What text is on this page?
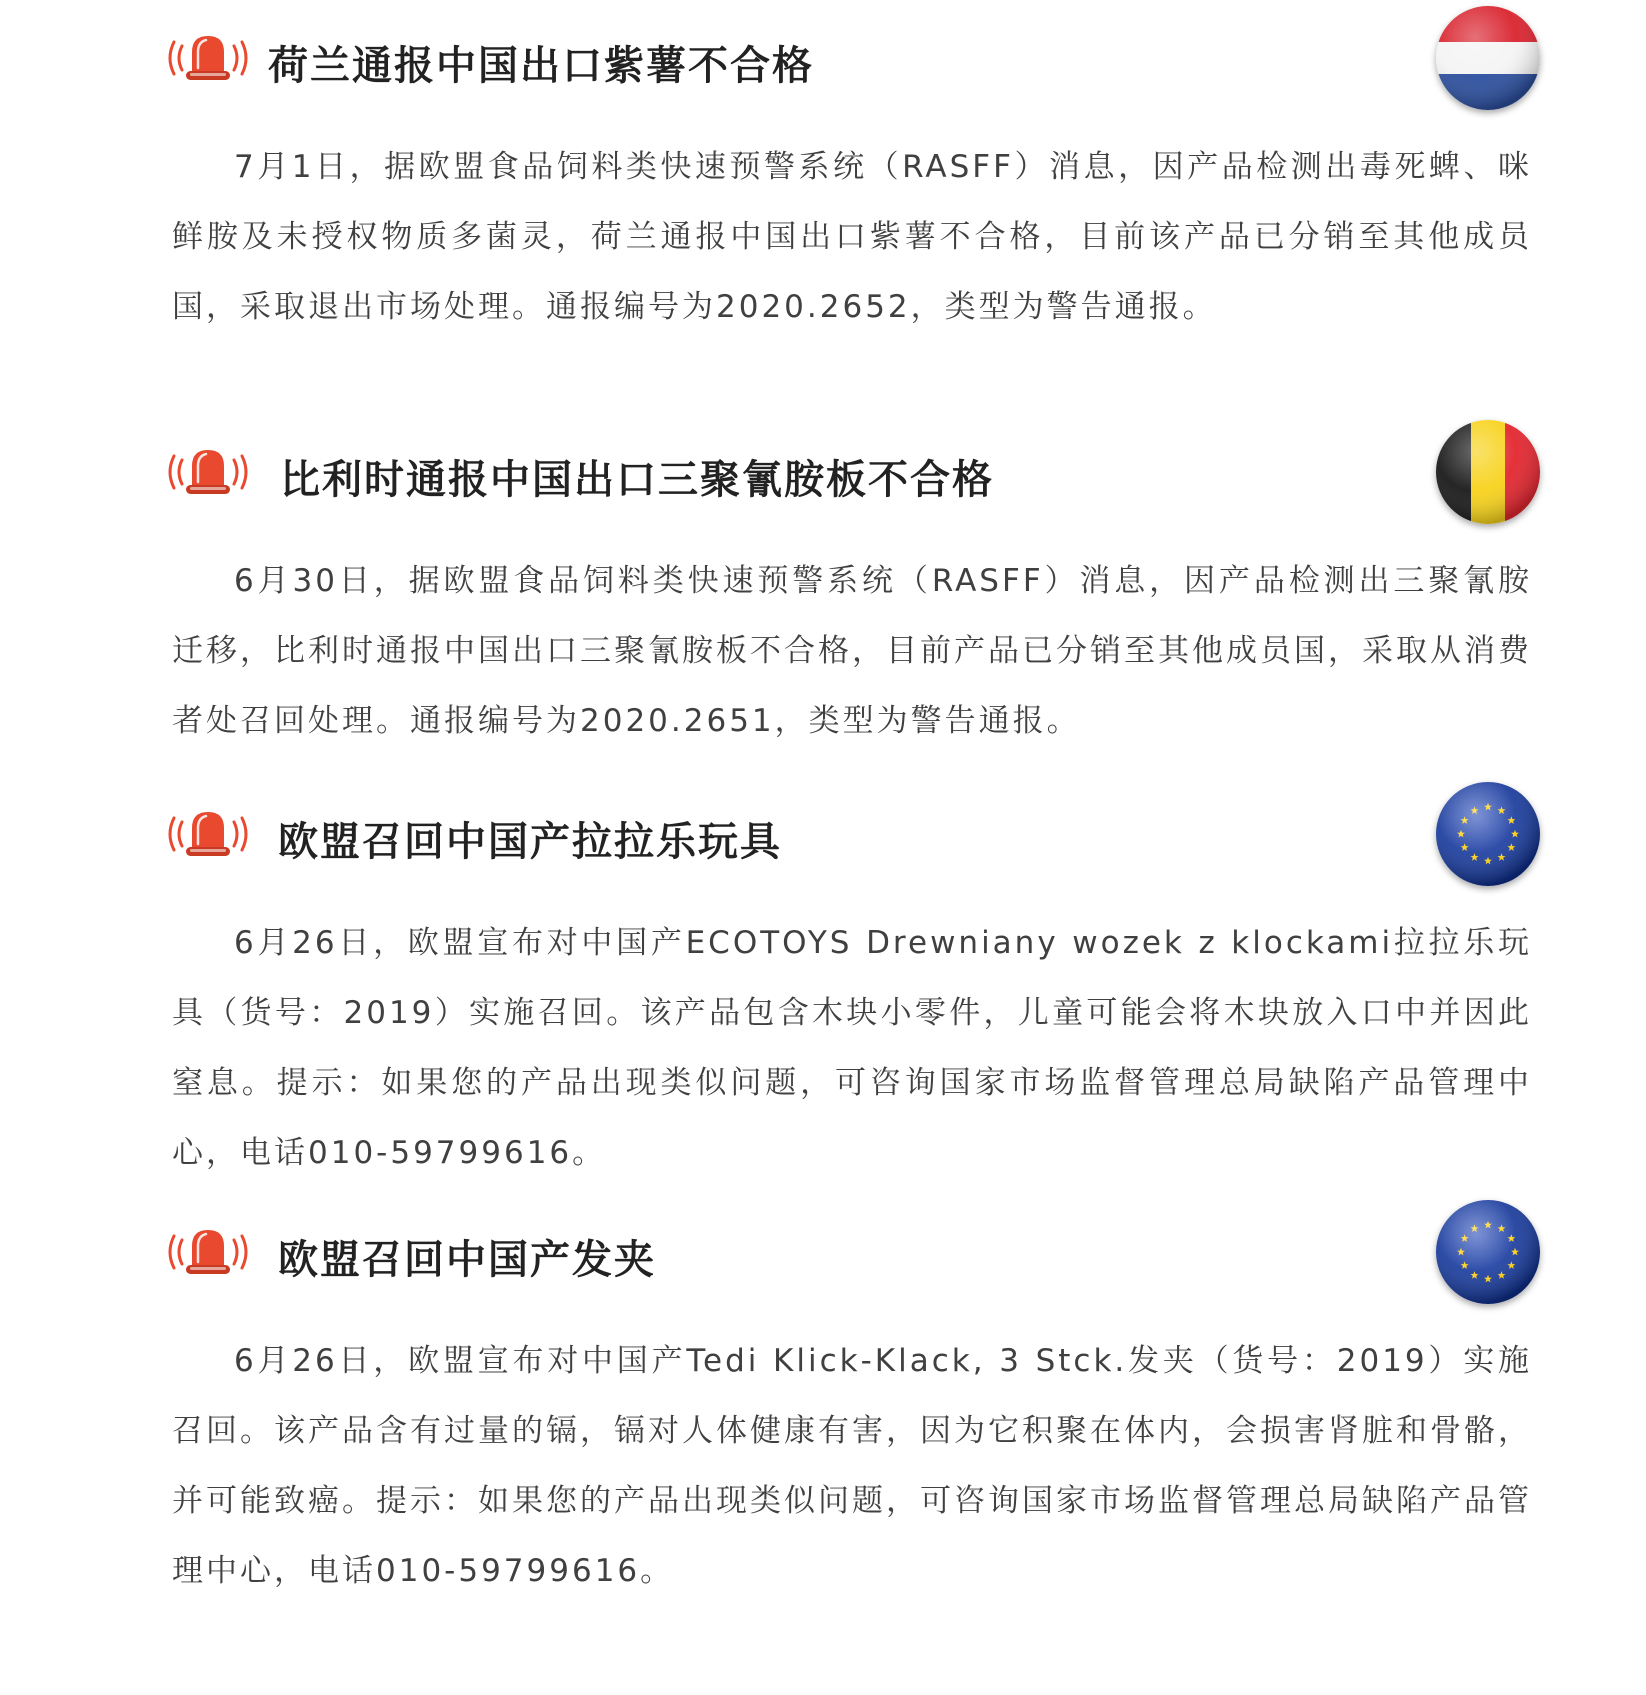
荷兰通报中国出口紫薯不合格

7月1日，据欧盟食品饲料类快速预警系统（RASFF）消息，因产品检测出毒死蜱、咪鲜胺及未授权物质多菌灵，荷兰通报中国出口紫薯不合格，目前该产品已分销至其他成员国，采取退出市场处理。通报编号为2020.2652，类型为警告通报。

比利时通报中国出口三聚氰胺板不合格

6月30日，据欧盟食品饲料类快速预警系统（RASFF）消息，因产品检测出三聚氰胺迁移，比利时通报中国出口三聚氰胺板不合格，目前产品已分销至其他成员国，采取从消费者处召回处理。通报编号为2020.2651，类型为警告通报。

欧盟召回中国产拉拉乐玩具

6月26日，欧盟宣布对中国产ECOTOYS Drewniany wozek z klockami拉拉乐玩具（货号：2019）实施召回。该产品包含木块小零件，儿童可能会将木块放入口中并因此窒息。提示：如果您的产品出现类似问题，可咨询国家市场监督管理总局缺陷产品管理中心，电话010-59799616。

欧盟召回中国产发夹

6月26日，欧盟宣布对中国产Tedi Klick-Klack, 3 Stck.发夹（货号：2019）实施召回。该产品含有过量的镉，镉对人体健康有害，因为它积聚在体内，会损害肾脏和骨骼，并可能致癌。提示：如果您的产品出现类似问题，可咨询国家市场监督管理总局缺陷产品管理中心，电话010-59799616。
